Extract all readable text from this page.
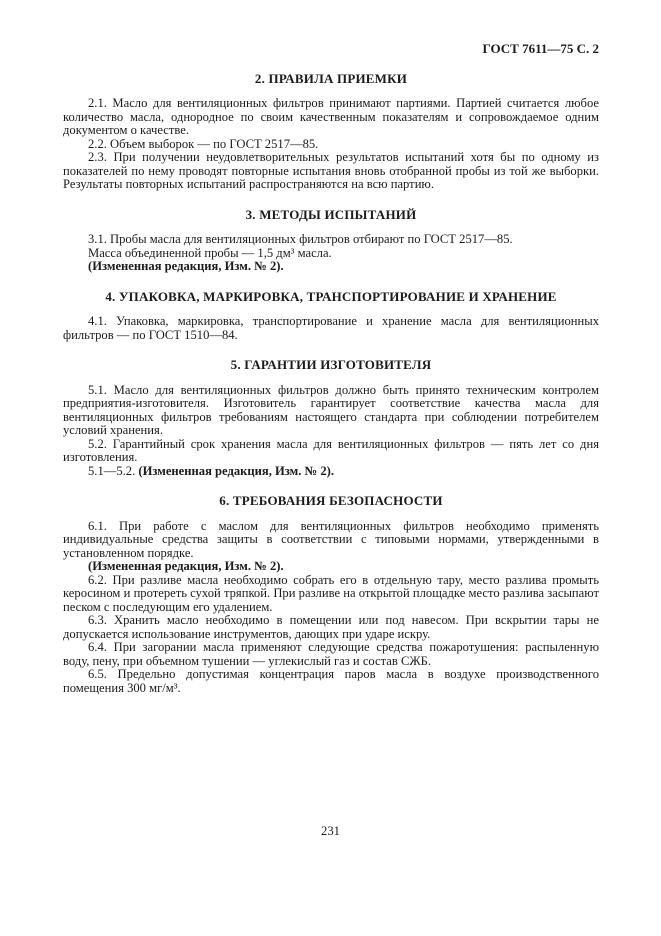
ГОСТ 7611—75 С. 2
2. ПРАВИЛА ПРИЕМКИ

2.1. Масло для вентиляционных фильтров принимают партиями. Партией считается любое количество масла, однородное по своим качественным показателям и сопровождаемое одним документом о качестве.

2.2. Объем выборок — по ГОСТ 2517—85.

2.3. При получении неудовлетворительных результатов испытаний хотя бы по одному из показателей по нему проводят повторные испытания вновь отобранной пробы из той же выборки. Результаты повторных испытаний распространяются на всю партию.

3. МЕТОДЫ ИСПЫТАНИЙ

3.1. Пробы масла для вентиляционных фильтров отбирают по ГОСТ 2517—85.

Масса объединенной пробы — 1,5 дм³ масла.

(Измененная редакция, Изм. № 2).

4. УПАКОВКА, МАРКИРОВКА, ТРАНСПОРТИРОВАНИЕ И ХРАНЕНИЕ

4.1. Упаковка, маркировка, транспортирование и хранение масла для вентиляционных фильтров — по ГОСТ 1510—84.

5. ГАРАНТИИ ИЗГОТОВИТЕЛЯ

5.1. Масло для вентиляционных фильтров должно быть принято техническим контролем предприятия-изготовителя. Изготовитель гарантирует соответствие качества масла для вентиляционных фильтров требованиям настоящего стандарта при соблюдении потребителем условий хранения.

5.2. Гарантийный срок хранения масла для вентиляционных фильтров — пять лет со дня изготовления.

5.1—5.2. (Измененная редакция, Изм. № 2).

6. ТРЕБОВАНИЯ БЕЗОПАСНОСТИ

6.1. При работе с маслом для вентиляционных фильтров необходимо применять индивидуальные средства защиты в соответствии с типовыми нормами, утвержденными в установленном порядке.

(Измененная редакция, Изм. № 2).

6.2. При разливе масла необходимо собрать его в отдельную тару, место разлива промыть керосином и протереть сухой тряпкой. При разливе на открытой площадке место разлива засыпают песком с последующим его удалением.

6.3. Хранить масло необходимо в помещении или под навесом. При вскрытии тары не допускается использование инструментов, дающих при ударе искру.

6.4. При загорании масла применяют следующие средства пожаротушения: распыленную воду, пену, при объемном тушении — углекислый газ и состав СЖБ.

6.5. Предельно допустимая концентрация паров масла в воздухе производственного помещения 300 мг/м³.

231
